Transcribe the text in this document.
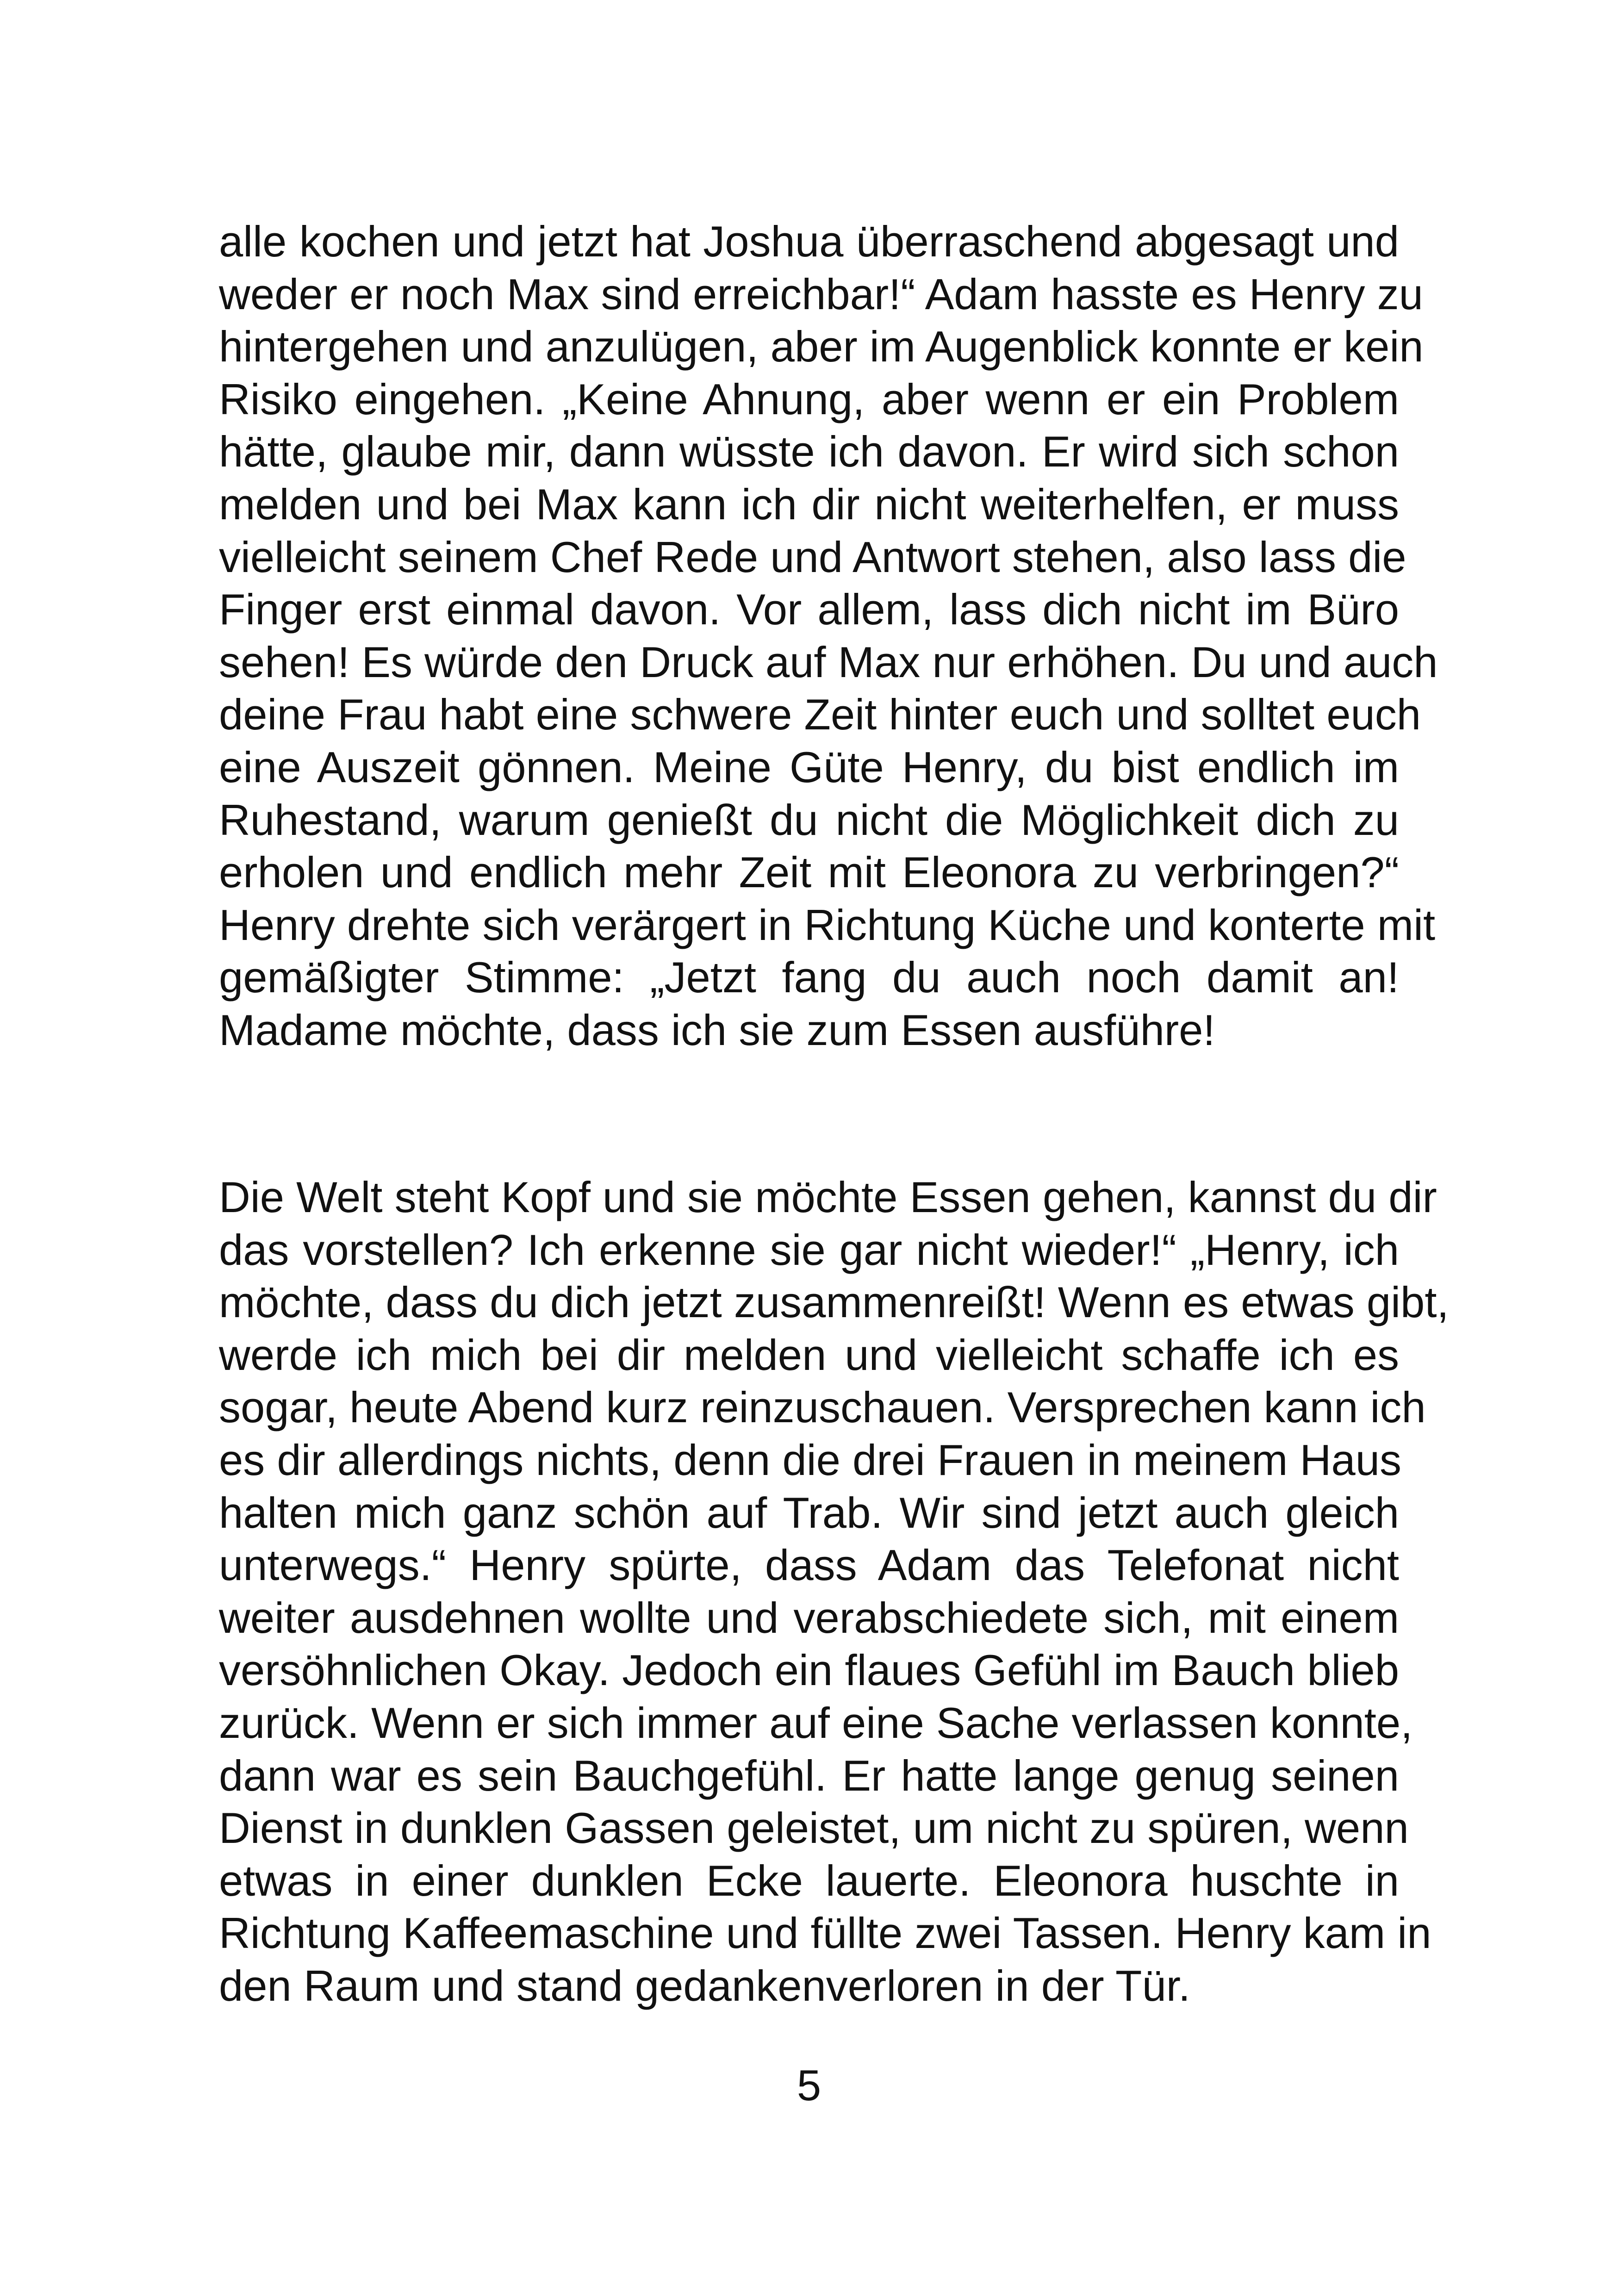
alle kochen und jetzt hat Joshua überraschend abgesagt und
weder er noch Max sind erreichbar!“ Adam hasste es Henry zu
hintergehen und anzulügen, aber im Augenblick konnte er kein
Risiko eingehen. „Keine Ahnung, aber wenn er ein Problem
hätte, glaube mir, dann wüsste ich davon. Er wird sich schon
melden und bei Max kann ich dir nicht weiterhelfen, er muss
vielleicht seinem Chef Rede und Antwort stehen, also lass die
Finger erst einmal davon. Vor allem, lass dich nicht im Büro
sehen! Es würde den Druck auf Max nur erhöhen. Du und auch
deine Frau habt eine schwere Zeit hinter euch und solltet euch
eine Auszeit gönnen. Meine Güte Henry, du bist endlich im
Ruhestand, warum genießt du nicht die Möglichkeit dich zu
erholen und endlich mehr Zeit mit Eleonora zu verbringen?“
Henry drehte sich verärgert in Richtung Küche und konterte mit
gemäßigter Stimme: „Jetzt fang du auch noch damit an!
Madame möchte, dass ich sie zum Essen ausführe!
Die Welt steht Kopf und sie möchte Essen gehen, kannst du dir
das vorstellen? Ich erkenne sie gar nicht wieder!“ „Henry, ich
möchte, dass du dich jetzt zusammenreißt! Wenn es etwas gibt,
werde ich mich bei dir melden und vielleicht schaffe ich es
sogar, heute Abend kurz reinzuschauen. Versprechen kann ich
es dir allerdings nichts, denn die drei Frauen in meinem Haus
halten mich ganz schön auf Trab. Wir sind jetzt auch gleich
unterwegs.“ Henry spürte, dass Adam das Telefonat nicht
weiter ausdehnen wollte und verabschiedete sich, mit einem
versöhnlichen Okay. Jedoch ein flaues Gefühl im Bauch blieb
zurück. Wenn er sich immer auf eine Sache verlassen konnte,
dann war es sein Bauchgefühl. Er hatte lange genug seinen
Dienst in dunklen Gassen geleistet, um nicht zu spüren, wenn
etwas in einer dunklen Ecke lauerte. Eleonora huschte in
Richtung Kaffeemaschine und füllte zwei Tassen. Henry kam in
den Raum und stand gedankenverloren in der Tür.
5
